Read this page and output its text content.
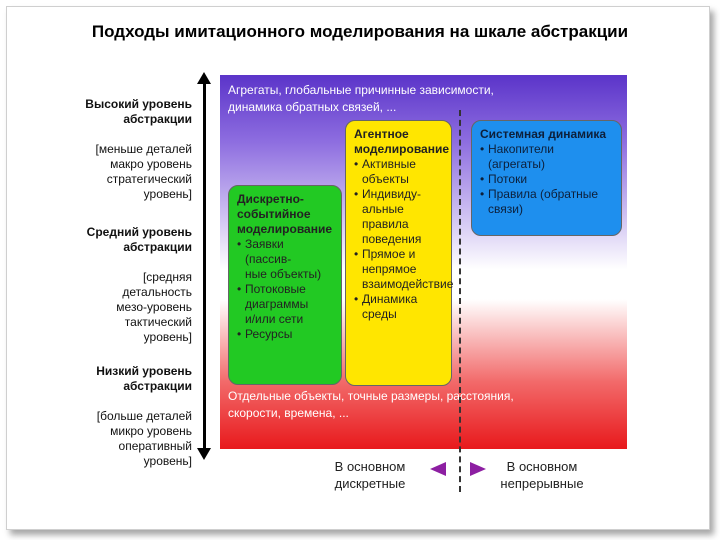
Подходы имитационного моделирования на шкале абстракции

Высокий уровень
абстракции

[меньше деталей
макро уровень
стратегический
уровень]

Средний уровень
абстракции

[средняя
детальность
мезо-уровень
тактический
уровень]

Низкий уровень
абстракции

[больше деталей
микро уровень
оперативный
уровень]

Агрегаты, глобальные причинные зависимости,
динамика обратных связей, ...
Отдельные объекты, точные размеры, расстояния,
скорости, времена, ...
Дискретно-
событийное
моделирование
• Заявки (пассив-
ные объекты)
• Потоковые
диаграммы
и/или сети
• Ресурсы
Агентное
моделирование
• Активные
объекты
• Индивиду-
альные правила
поведения
• Прямое и
непрямое
взаимодействие
• Динамика
среды
Системная динамика
• Накопители (агрегаты)
• Потоки
• Правила (обратные
связи)
В основном
дискретные
В основном
непрерывные
